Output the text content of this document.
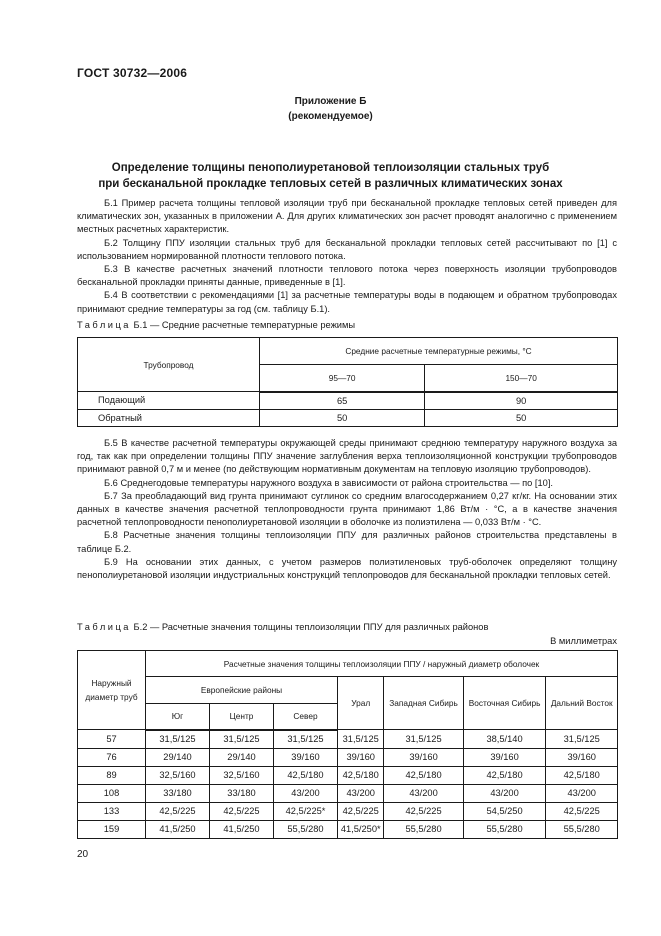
ГОСТ 30732—2006
Приложение Б
(рекомендуемое)
Определение толщины пенополиуретановой теплоизоляции стальных труб
при бесканальной прокладке тепловых сетей в различных климатических зонах

Б.1 Пример расчета толщины тепловой изоляции труб при бесканальной прокладке тепловых сетей приведен для климатических зон, указанных в приложении А. Для других климатических зон расчет проводят аналогично с применением местных расчетных характеристик.

Б.2 Толщину ППУ изоляции стальных труб для бесканальной прокладки тепловых сетей рассчитывают по [1] с использованием нормированной плотности теплового потока.

Б.3 В качестве расчетных значений плотности теплового потока через поверхность изоляции трубопроводов бесканальной прокладки приняты данные, приведенные в [1].

Б.4 В соответствии с рекомендациями [1] за расчетные температуры воды в подающем и обратном трубопроводах принимают средние температуры за год (см. таблицу Б.1).

Таблица Б.1 — Средние расчетные температурные режимы
Трубопровод	Средние расчетные температурные режимы, °С	
	95—70	150—70
Подающий	65	90
Обратный	50	50

Б.5 В качестве расчетной температуры окружающей среды принимают среднюю температуру наружного воздуха за год, так как при определении толщины ППУ значение заглубления верха теплоизоляционной конструкции трубопроводов принимают равной 0,7 м и менее (по действующим нормативным документам на тепловую изоляцию трубопроводов).

Б.6 Среднегодовые температуры наружного воздуха в зависимости от района строительства — по [10].

Б.7 За преобладающий вид грунта принимают суглинок со средним влагосодержанием 0,27 кг/кг. На основании этих данных в качестве значения расчетной теплопроводности грунта принимают 1,86 Вт/м · °С, а в качестве значения расчетной теплопроводности пенополиуретановой изоляции в оболочке из полиэтилена — 0,033 Вт/м · °С.

Б.8 Расчетные значения толщины теплоизоляции ППУ для различных районов строительства представлены в таблице Б.2.

Б.9 На основании этих данных, с учетом размеров полиэтиленовых труб-оболочек определяют толщину пенополиуретановой изоляции индустриальных конструкций теплопроводов для бесканальной прокладки тепловых сетей.

Таблица Б.2 — Расчетные значения толщины теплоизоляции ППУ для различных районов
В миллиметрах
Наружный диаметр труб	Расчетные значения толщины теплоизоляции ППУ / наружный диаметр оболочек						
	Европейские районы			Урал	Западная Сибирь	Восточная Сибирь	Дальний Восток
	Юг	Центр	Север				
57	31,5/125	31,5/125	31,5/125	31,5/125	31,5/125	38,5/140	31,5/125
76	29/140	29/140	39/160	39/160	39/160	39/160	39/160
89	32,5/160	32,5/160	42,5/180	42,5/180	42,5/180	42,5/180	42,5/180
108	33/180	33/180	43/200	43/200	43/200	43/200	43/200
133	42,5/225	42,5/225	42,5/225*	42,5/225	42,5/225	54,5/250	42,5/225
159	41,5/250	41,5/250	55,5/280	41,5/250*	55,5/280	55,5/280	55,5/280
20
